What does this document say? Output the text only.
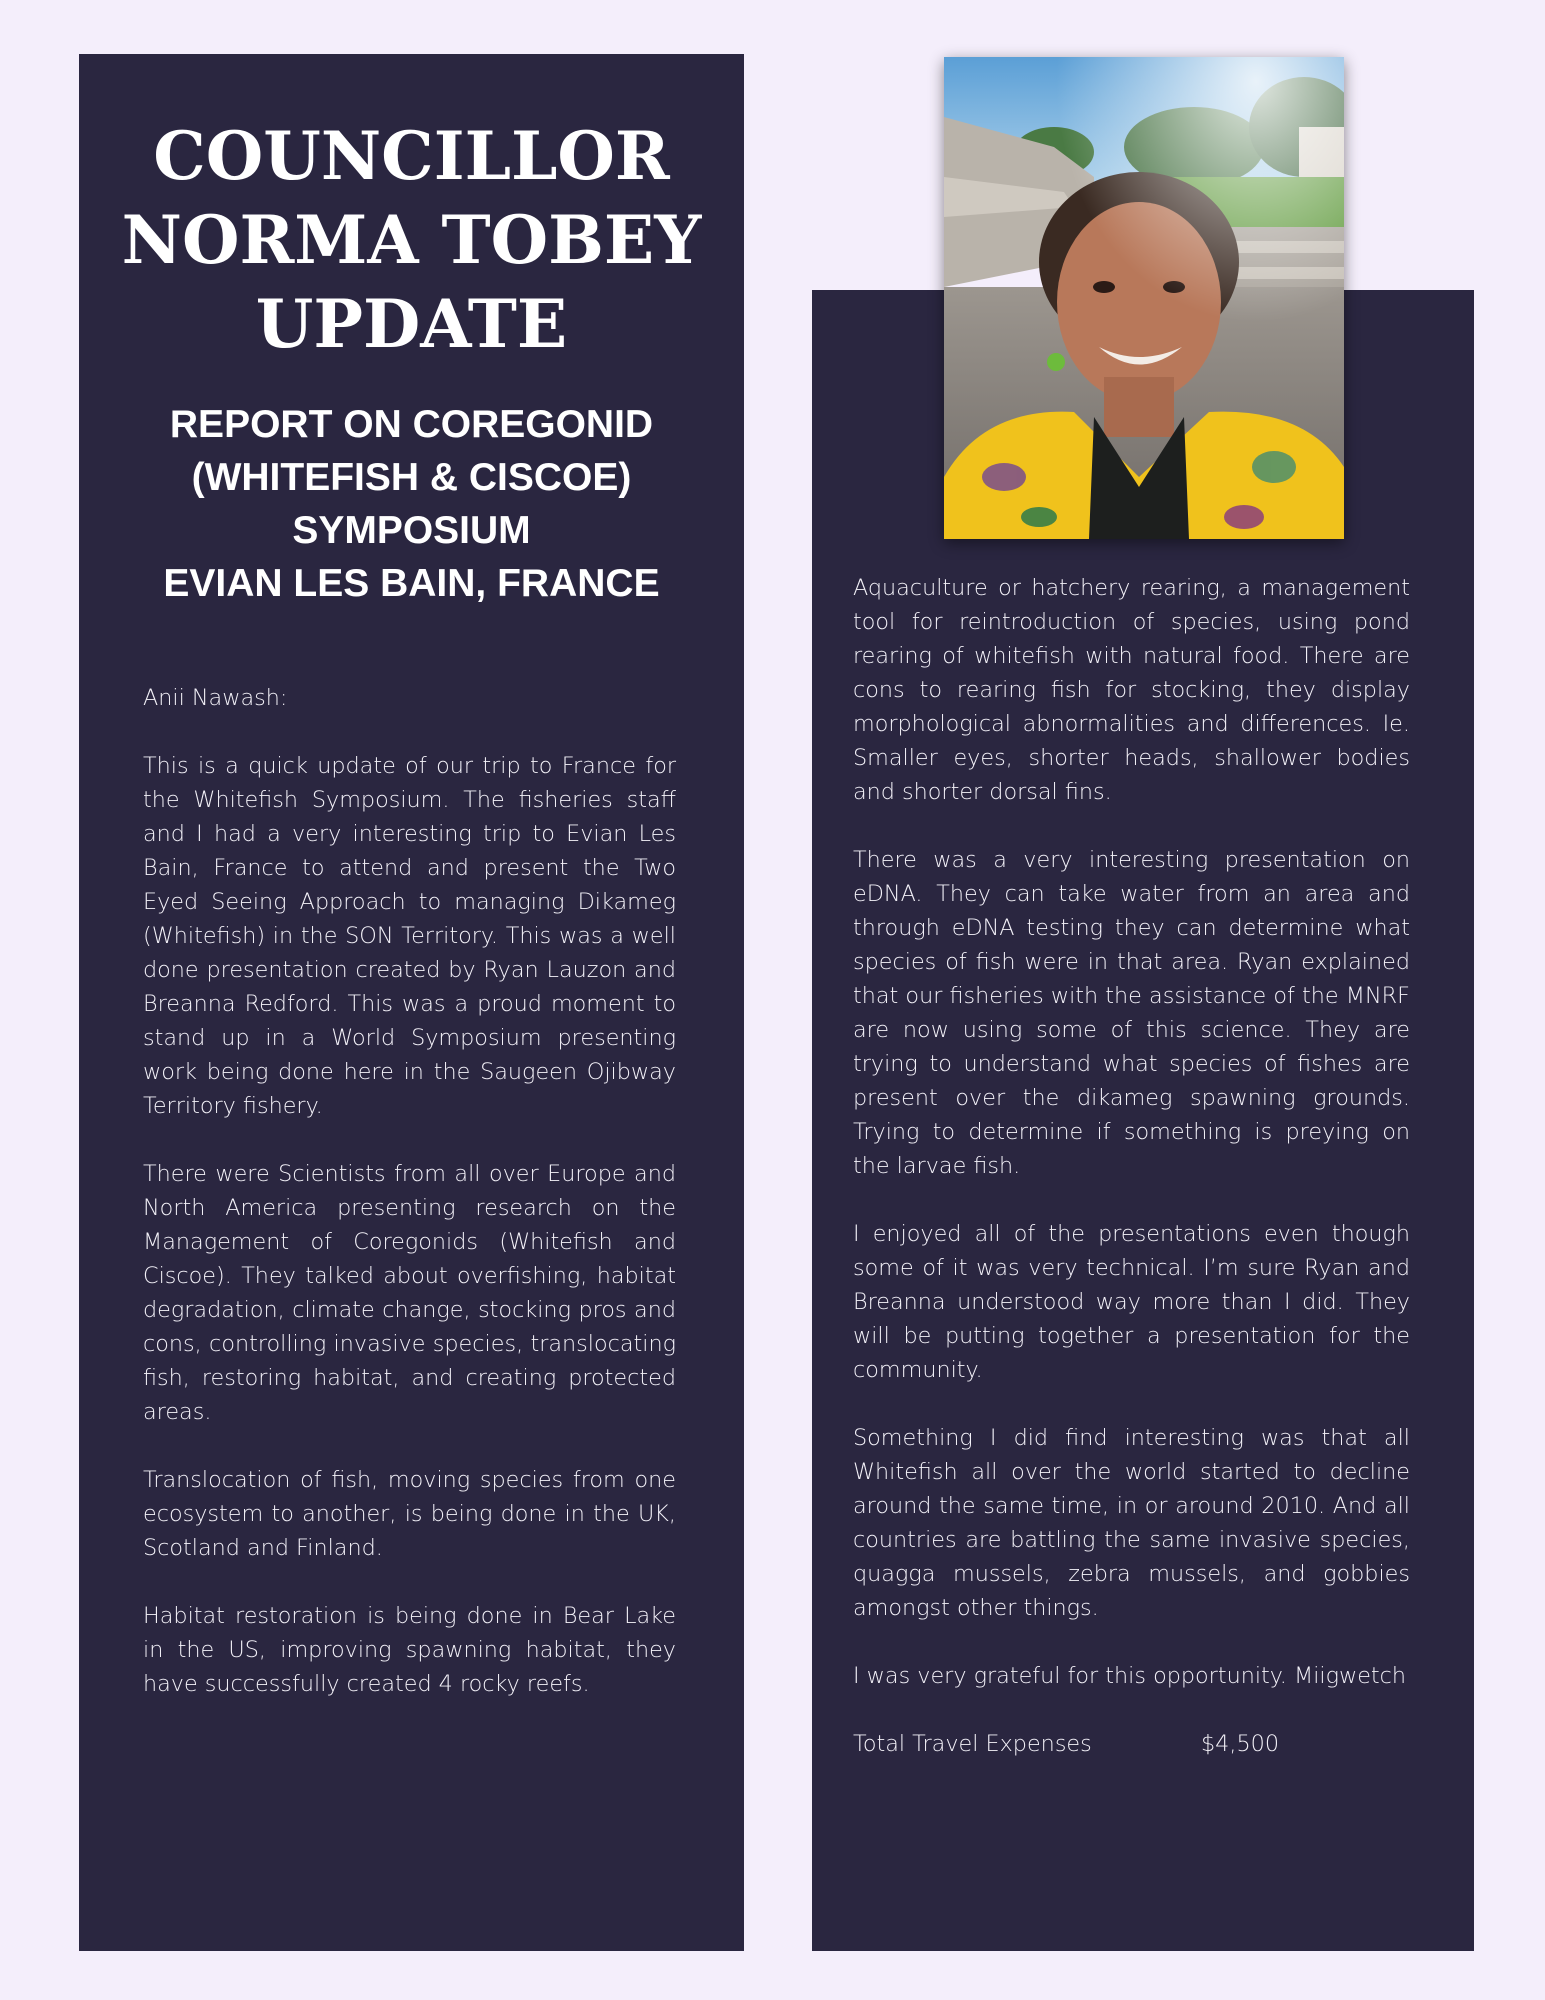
COUNCILLOR
NORMA TOBEY
UPDATE
REPORT ON COREGONID
(WHITEFISH & CISCOE)
SYMPOSIUM
EVIAN LES BAIN, FRANCE

Anii Nawash:

This is a quick update of our trip to France for the Whitefish Symposium. The fisheries staff and I had a very interesting trip to Evian Les Bain, France to attend and present the Two Eyed Seeing Approach to managing Dikameg (Whitefish) in the SON Territory. This was a well done presentation created by Ryan Lauzon and Breanna Redford. This was a proud moment to stand up in a World Symposium presenting work being done here in the Saugeen Ojibway Territory fishery.

There were Scientists from all over Europe and North America presenting research on the Management of Coregonids (Whitefish and Ciscoe). They talked about overfishing, habitat degradation, climate change, stocking pros and cons, controlling invasive species, translocating fish, restoring habitat, and creating protected areas.

Translocation of fish, moving species from one ecosystem to another, is being done in the UK, Scotland and Finland.

Habitat restoration is being done in Bear Lake in the US, improving spawning habitat, they have successfully created 4 rocky reefs.

Aquaculture or hatchery rearing, a management tool for reintroduction of species, using pond rearing of whitefish with natural food. There are cons to rearing fish for stocking, they display morphological abnormalities and differences. Ie. Smaller eyes, shorter heads, shallower bodies and shorter dorsal fins.

There was a very interesting presentation on eDNA. They can take water from an area and through eDNA testing they can determine what species of fish were in that area. Ryan explained that our fisheries with the assistance of the MNRF are now using some of this science. They are trying to understand what species of fishes are present over the dikameg spawning grounds. Trying to determine if something is preying on the larvae fish.

I enjoyed all of the presentations even though some of it was very technical. I’m sure Ryan and Breanna understood way more than I did. They will be putting together a presentation for the community.

Something I did find interesting was that all Whitefish all over the world started to decline around the same time, in or around 2010. And all countries are battling the same invasive species, quagga mussels, zebra mussels, and gobbies amongst other things.

I was very grateful for this opportunity. Miigwetch

Total Travel Expenses	$4,500
